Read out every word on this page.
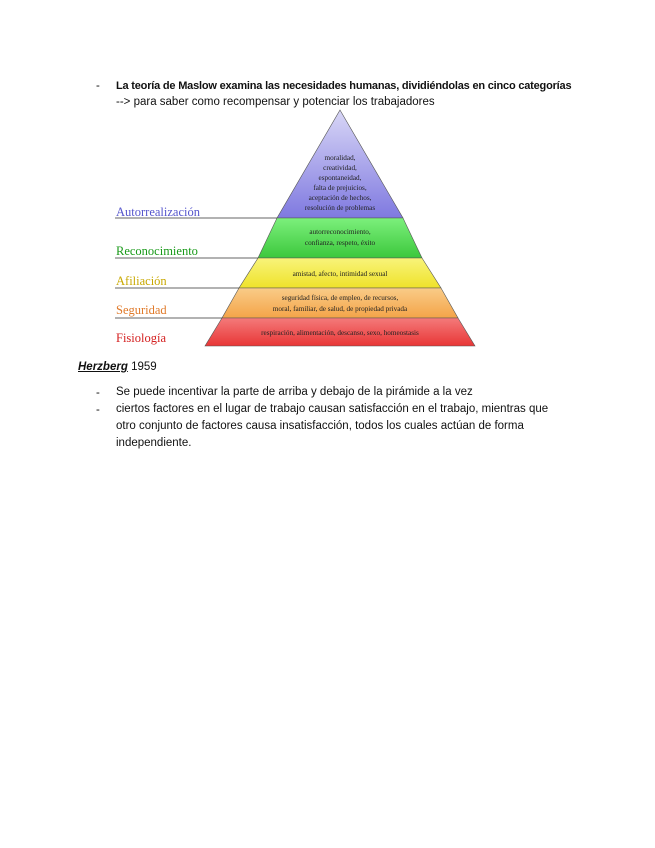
- La teoría de Maslow examina las necesidades humanas, dividiéndolas en cinco categorías
--> para saber como recompensar y potenciar los trabajadores
Autorrealización
Reconocimiento
Afiliación
Seguridad
Fisiología
moralidad,
creatividad,
espontaneidad,
falta de prejuicios,
aceptación de hechos,
resolución de problemas
autorreconocimiento,
confianza, respeto, éxito
amistad, afecto, intimidad sexual
seguridad física, de empleo, de recursos,
moral, familiar, de salud, de propiedad privada
respiración, alimentación, descanso, sexo, homeostasis
Herzberg 1959
- Se puede incentivar la parte de arriba y debajo de la pirámide a la vez
- ciertos factores en el lugar de trabajo causan satisfacción en el trabajo, mientras que otro conjunto de factores causa insatisfacción, todos los cuales actúan de forma independiente.
